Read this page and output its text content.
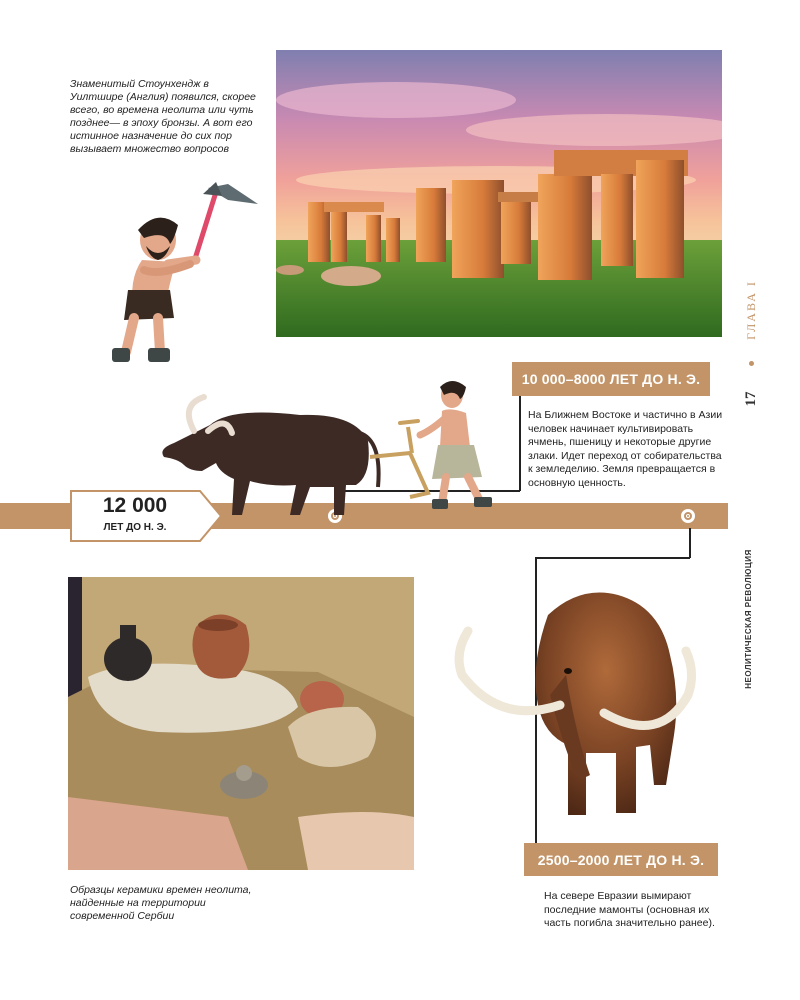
Знаменитый Стоунхендж в Уилтшире (Англия) появился, скорее всего, во времена неолита или чуть позднее— в эпоху бронзы. А вот его истинное назначение до сих пор вызывает множество вопросов
17
ГЛАВА I
НЕОЛИТИЧЕСКАЯ РЕВОЛЮЦИЯ
12 000
ЛЕТ ДО Н. Э.
10 000–8000 ЛЕТ ДО Н. Э.
На Ближнем Востоке и частично в Азии человек начинает культивировать ячмень, пшеницу и некоторые другие злаки. Идет переход от собирательства к земледелию. Земля превращается в основную ценность.
Образцы керамики времен неолита, найденные на территории современной Сербии
2500–2000 ЛЕТ ДО Н. Э.
На севере Евразии вымирают последние мамонты (основная их часть погибла значительно ранее).
